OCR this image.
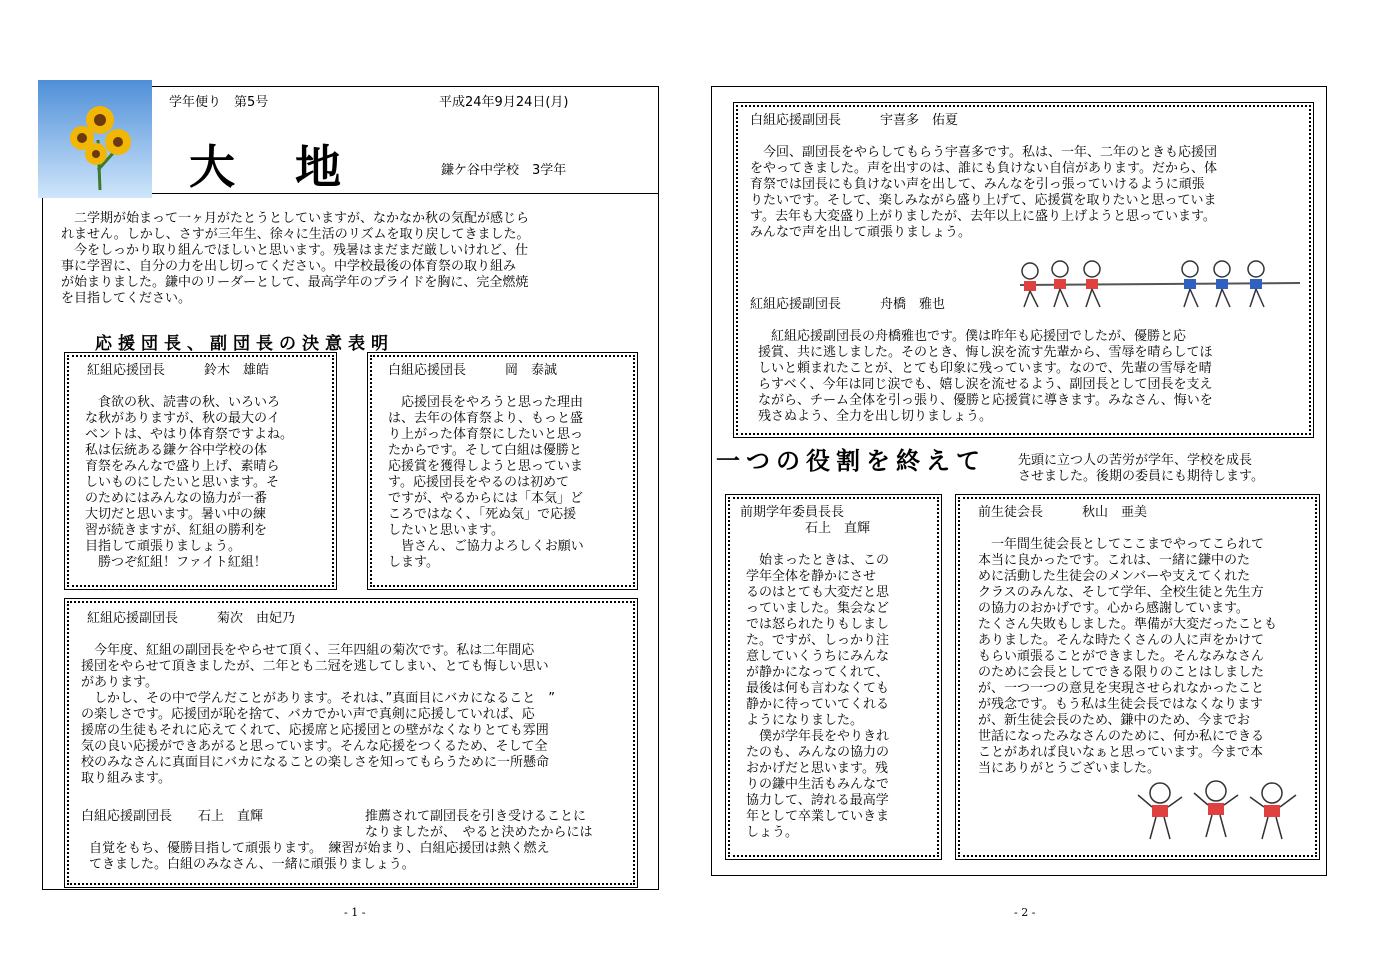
学年便り　第5号	平成24年9月24日(月)
大地	鎌ケ谷中学校　3学年
　二学期が始まって一ヶ月がたとうとしていますが、なかなか秋の気配が感じら
れません。しかし、さすが三年生、徐々に生活のリズムを取り戻してきました。
　今をしっかり取り組んでほしいと思います。残暑はまだまだ厳しいけれど、仕
事に学習に、自分の力を出し切ってください。中学校最後の体育祭の取り組み
が始まりました。鎌中のリーダーとして、最高学年のプライドを胸に、完全燃焼
を目指してください。
応援団長、副団長の決意表明
紅組応援団長　　　鈴木　雄皓
　食欲の秋、読書の秋、いろいろ
な秋がありますが、秋の最大のイ
ベントは、やはり体育祭ですよね。
私は伝統ある鎌ケ谷中学校の体
育祭をみんなで盛り上げ、素晴ら
しいものにしたいと思います。そ
のためにはみんなの協力が一番
大切だと思います。暑い中の練
習が続きますが、紅組の勝利を
目指して頑張りましょう。
　勝つぞ紅組！ファイト紅組！
白組応援団長　　　岡　泰誠
　応援団長をやろうと思った理由
は、去年の体育祭より、もっと盛
り上がった体育祭にしたいと思っ
たからです。そして白組は優勝と
応援賞を獲得しようと思っていま
す。応援団長をやるのは初めて
ですが、やるからには「本気」ど
ころではなく、「死ぬ気」で応援
したいと思います。
　皆さん、ご協力よろしくお願い
します。
紅組応援副団長　　　菊次　由妃乃
　今年度、紅組の副団長をやらせて頂く、三年四組の菊次です。私は二年間応
援団をやらせて頂きましたが、二年とも二冠を逃してしまい、とても悔しい思い
があります。
　しかし、その中で学んだことがあります。それは、”真面目にバカになること　”
の楽しさです。応援団が恥を捨て、バカでかい声で真剣に応援していれば、応
援席の生徒もそれに応えてくれて、応援席と応援団との壁がなくなりとても雰囲
気の良い応援ができあがると思っています。そんな応援をつくるため、そして全
校のみなさんに真面目にバカになることの楽しさを知ってもらうために一所懸命
取り組みます。
白組応援副団長　　石上　直輝	推薦されて副団長を引き受けることに
なりましたが、　やると決めたからには
自覚をもち、優勝目指して頑張ります。　練習が始まり、白組応援団は熱く燃え
てきました。白組のみなさん、一緒に頑張りましょう。
- 1 -
白組応援副団長　　　宇喜多　佑夏
　今回、副団長をやらしてもらう宇喜多です。私は、一年、二年のときも応援団
をやってきました。声を出すのは、誰にも負けない自信があります。だから、体
育祭では団長にも負けない声を出して、みんなを引っ張っていけるように頑張
りたいです。そして、楽しみながら盛り上げて、応援賞を取りたいと思っていま
す。去年も大変盛り上がりましたが、去年以上に盛り上げようと思っています。
みんなで声を出して頑張りましょう。
紅組応援副団長　　　舟橋　雅也
　紅組応援副団長の舟橋雅也です。僕は昨年も応援団でしたが、優勝と応
援賞、共に逃しました。そのとき、悔し涙を流す先輩から、雪辱を晴らしてほ
しいと頼まれたことが、とても印象に残っています。なので、先輩の雪辱を晴
らすべく、今年は同じ涙でも、嬉し涙を流せるよう、副団長として団長を支え
ながら、チーム全体を引っ張り、優勝と応援賞に導きます。みなさん、悔いを
残さぬよう、全力を出し切りましょう。
一つの役割を終えて 先頭に立つ人の苦労が学年、学校を成長
させました。後期の委員にも期待します。
前期学年委員長長
　　　　　石上　直輝
　始まったときは、この
学年全体を静かにさせ
るのはとても大変だと思
っていました。集会など
では怒られたりもしまし
た。ですが、しっかり注
意していくうちにみんな
が静かになってくれて、
最後は何も言わなくても
静かに待っていてくれる
ようになりました。
　僕が学年長をやりきれ
たのも、みんなの協力の
おかげだと思います。残
りの鎌中生活もみんなで
協力して、誇れる最高学
年として卒業していきま
しょう。
前生徒会長　　　秋山　亜美
　一年間生徒会長としてここまでやってこられて
本当に良かったです。これは、一緒に鎌中のた
めに活動した生徒会のメンバーや支えてくれた
クラスのみんな、そして学年、全校生徒と先生方
の協力のおかげです。心から感謝しています。
たくさん失敗もしました。準備が大変だったことも
ありました。そんな時たくさんの人に声をかけて
もらい頑張ることができました。そんなみなさん
のために会長としてできる限りのことはしました
が、一つ一つの意見を実現させられなかったこと
が残念です。もう私は生徒会長ではなくなります
が、新生徒会長のため、鎌中のため、今までお
世話になったみなさんのために、何か私にできる
ことがあれば良いなぁと思っています。今まで本
当にありがとうございました。
- 2 -
